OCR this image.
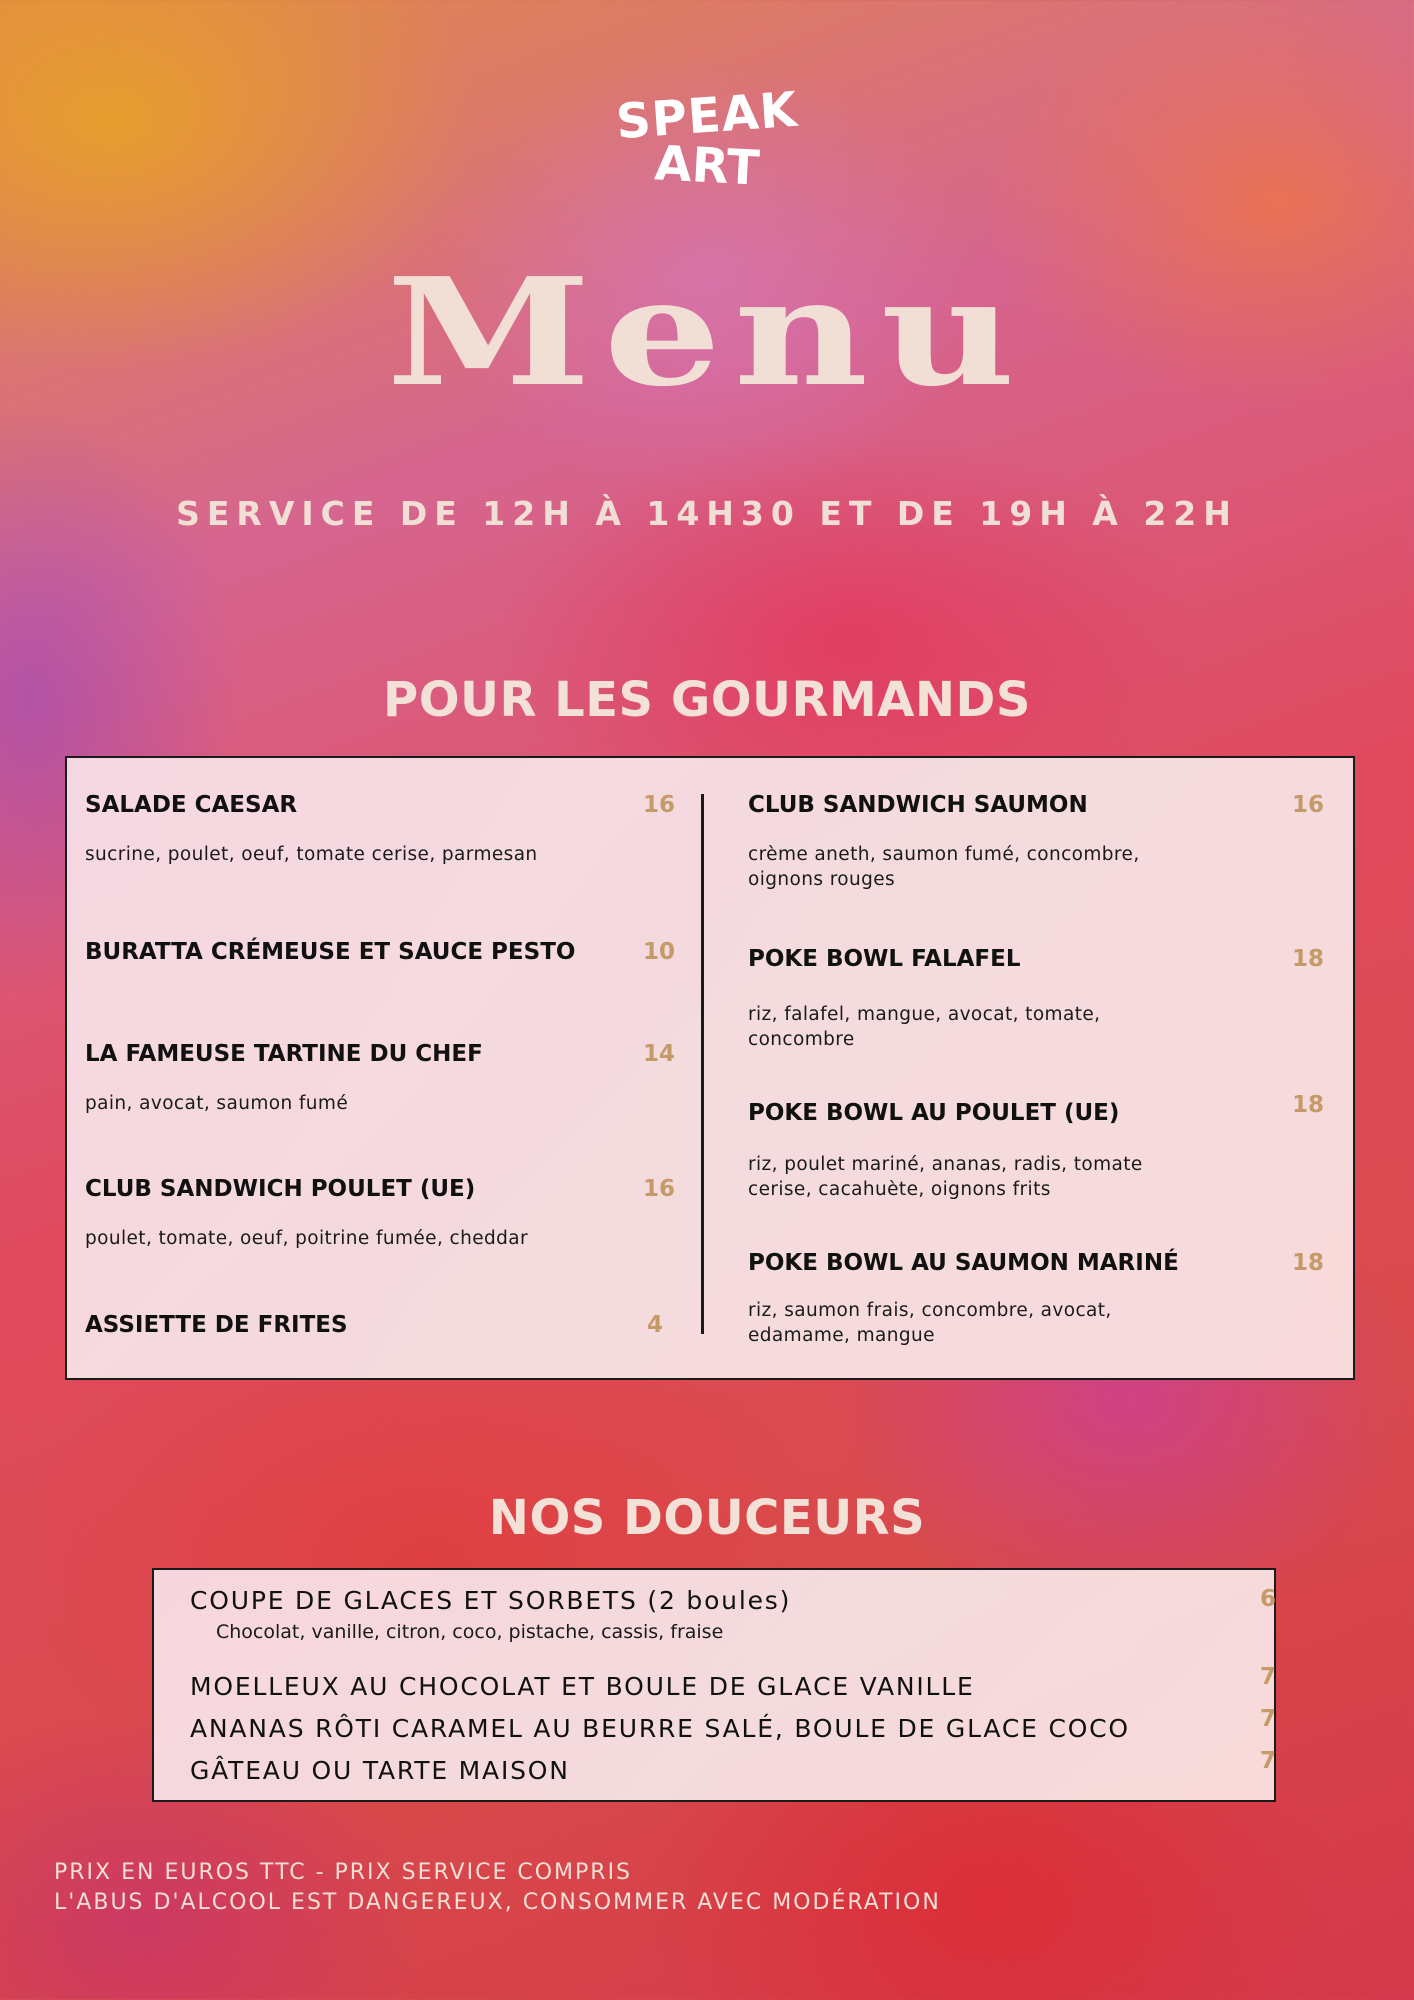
SPEAK
ART
Menu
SERVICE DE 12H À 14H30 ET DE 19H À 22H
POUR LES GOURMANDS
SALADE CAESAR	16
sucrine, poulet, oeuf, tomate cerise, parmesan
BURATTA CRÉMEUSE ET SAUCE PESTO	10
LA FAMEUSE TARTINE DU CHEF	14
pain, avocat, saumon fumé
CLUB SANDWICH POULET (UE)	16
poulet, tomate, oeuf, poitrine fumée, cheddar
ASSIETTE DE FRITES	4
CLUB SANDWICH SAUMON	16
crème aneth, saumon fumé, concombre, oignons rouges
POKE BOWL FALAFEL	18
riz, falafel, mangue, avocat, tomate, concombre
POKE BOWL AU POULET (UE)	18
riz, poulet mariné, ananas, radis, tomate cerise, cacahuète, oignons frits
POKE BOWL AU SAUMON MARINÉ	18
riz, saumon frais, concombre, avocat, edamame, mangue
NOS DOUCEURS
COUPE DE GLACES ET SORBETS (2 boules)	6
Chocolat, vanille, citron, coco, pistache, cassis, fraise
MOELLEUX AU CHOCOLAT ET BOULE DE GLACE VANILLE	7
ANANAS RÔTI CARAMEL AU BEURRE SALÉ, BOULE DE GLACE COCO	7
GÂTEAU OU TARTE MAISON	7
PRIX EN EUROS TTC - PRIX SERVICE COMPRIS
L'ABUS D'ALCOOL EST DANGEREUX, CONSOMMER AVEC MODÉRATION
